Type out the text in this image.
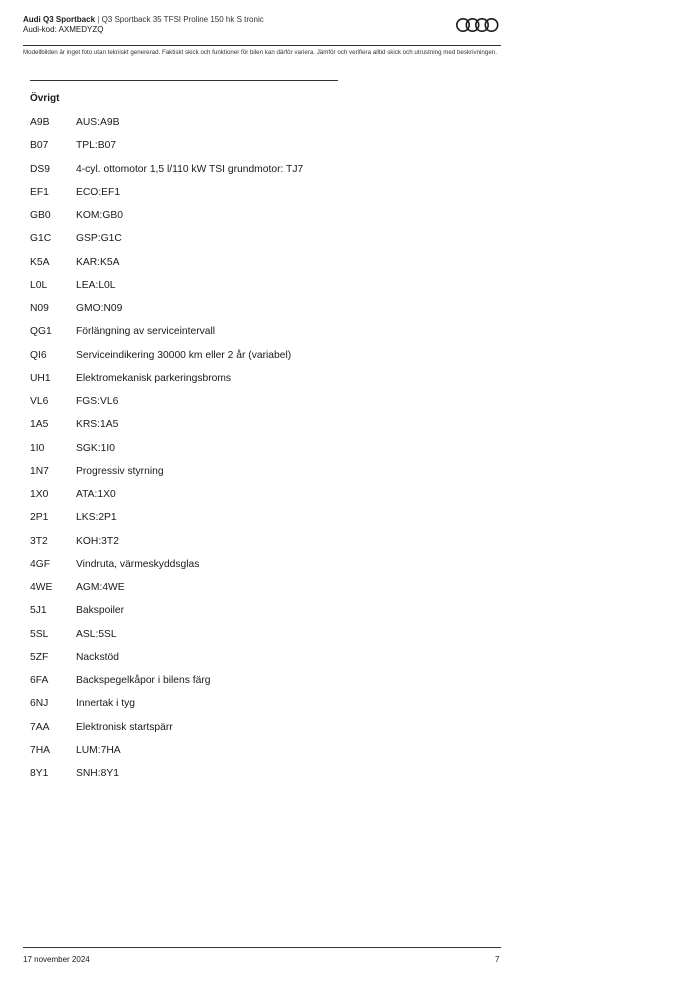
Audi Q3 Sportback | Q3 Sportback 35 TFSI Proline 150 hk S tronic
Audi-kod: AXMEDYZQ
Modellbilden är inget foto utan tekniskt genererad. Faktiskt skick och funktioner för bilen kan därför variera. Jämför och verifiera alltid skick och utrustning med beskrivningen.
Övrigt
A9B	AUS:A9B
B07	TPL:B07
DS9	4-cyl. ottomotor 1,5 l/110 kW TSI grundmotor: TJ7
EF1	ECO:EF1
GB0	KOM:GB0
G1C	GSP:G1C
K5A	KAR:K5A
L0L	LEA:L0L
N09	GMO:N09
QG1	Förlängning av serviceintervall
QI6	Serviceindikering 30000 km eller 2 år (variabel)
UH1	Elektromekanisk parkeringsbroms
VL6	FGS:VL6
1A5	KRS:1A5
1I0	SGK:1I0
1N7	Progressiv styrning
1X0	ATA:1X0
2P1	LKS:2P1
3T2	KOH:3T2
4GF	Vindruta, värmeskyddsglas
4WE	AGM:4WE
5J1	Bakspoiler
5SL	ASL:5SL
5ZF	Nackstöd
6FA	Backspegelkåpor i bilens färg
6NJ	Innertak i tyg
7AA	Elektronisk startspärr
7HA	LUM:7HA
8Y1	SNH:8Y1
17 november 2024	7
